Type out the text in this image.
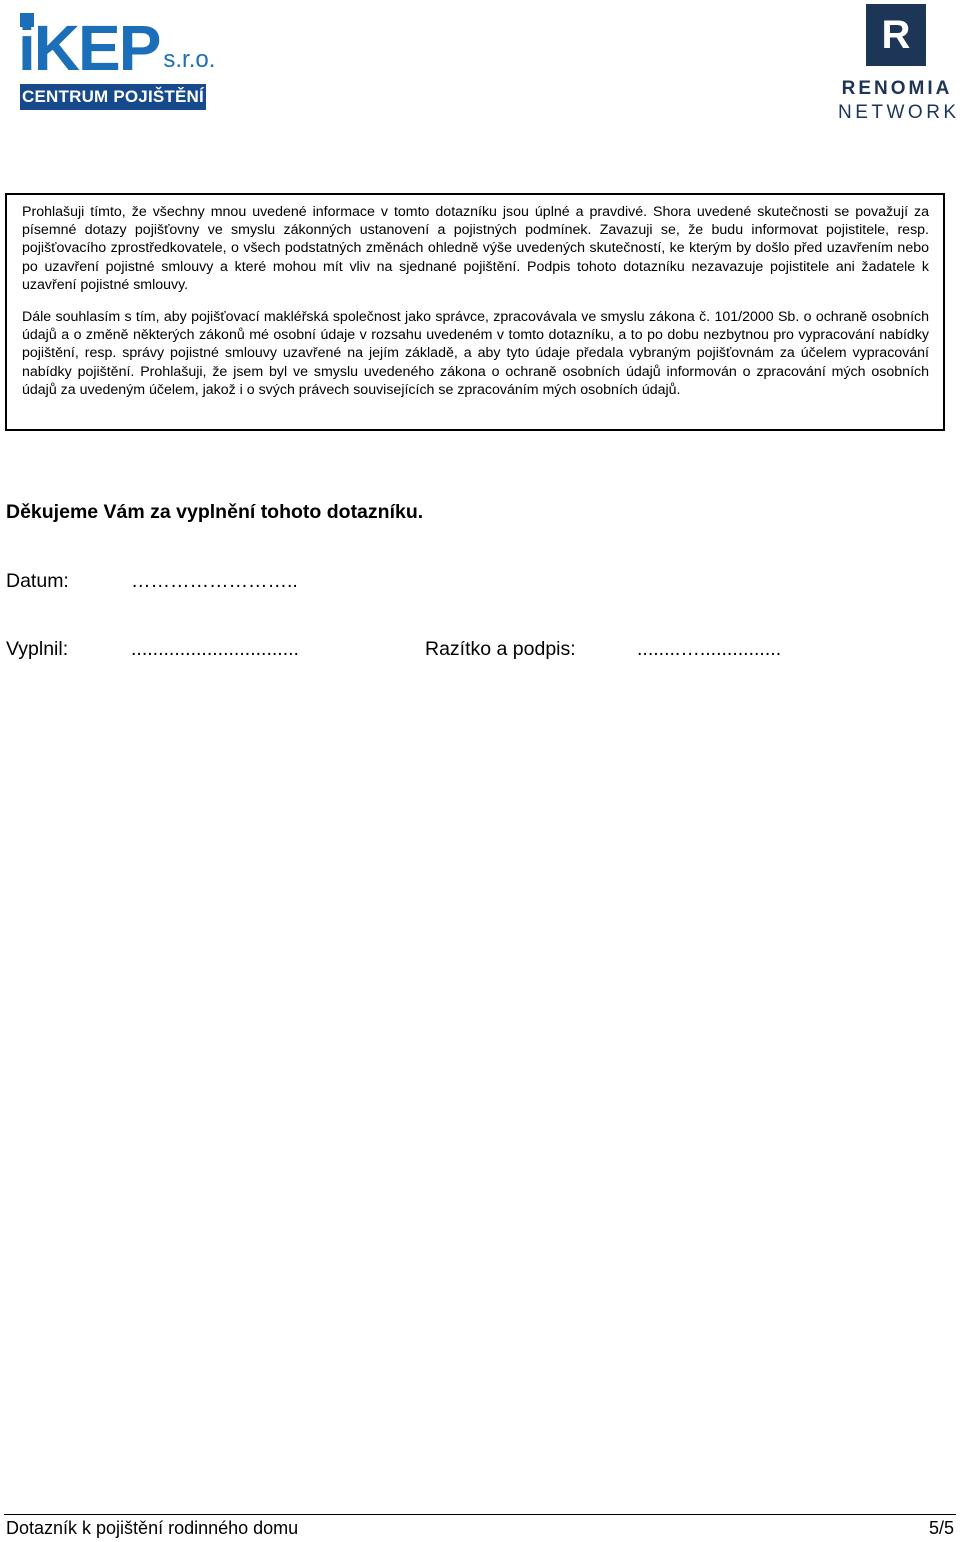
iKEP s.r.o.
CENTRUM POJIŠTĚNÍ
R
RENOMIA
NETWORK

Prohlašuji tímto, že všechny mnou uvedené informace v tomto dotazníku jsou úplné a pravdivé. Shora uvedené skutečnosti se považují za písemné dotazy pojišťovny ve smyslu zákonných ustanovení a pojistných podmínek. Zavazuji se, že budu informovat pojistitele, resp. pojišťovacího zprostředkovatele, o všech podstatných změnách ohledně výše uvedených skutečností, ke kterým by došlo před uzavřením nebo po uzavření pojistné smlouvy a které mohou mít vliv na sjednané pojištění. Podpis tohoto dotazníku nezavazuje pojistitele ani žadatele k uzavření pojistné smlouvy.

Dále souhlasím s tím, aby pojišťovací makléřská společnost jako správce, zpracovávala ve smyslu zákona č. 101/2000 Sb. o ochraně osobních údajů a o změně některých zákonů mé osobní údaje v rozsahu uvedeném v tomto dotazníku, a to po dobu nezbytnou pro vypracování nabídky pojištění, resp. správy pojistné smlouvy uzavřené na jejím základě, a aby tyto údaje předala vybraným pojišťovnám za účelem vypracování nabídky pojištění. Prohlašuji, že jsem byl ve smyslu uvedeného zákona o ochraně osobních údajů informován o zpracování mých osobních údajů za uvedeným účelem, jakož i o svých právech souvisejících se zpracováním mých osobních údajů.

Děkujeme Vám za vyplnění tohoto dotazníku.

Datum:	……………………..
Vyplnil:	...............................	Razítko a podpis:	........…...............
Dotazník k pojištění rodinného domu	5/5
